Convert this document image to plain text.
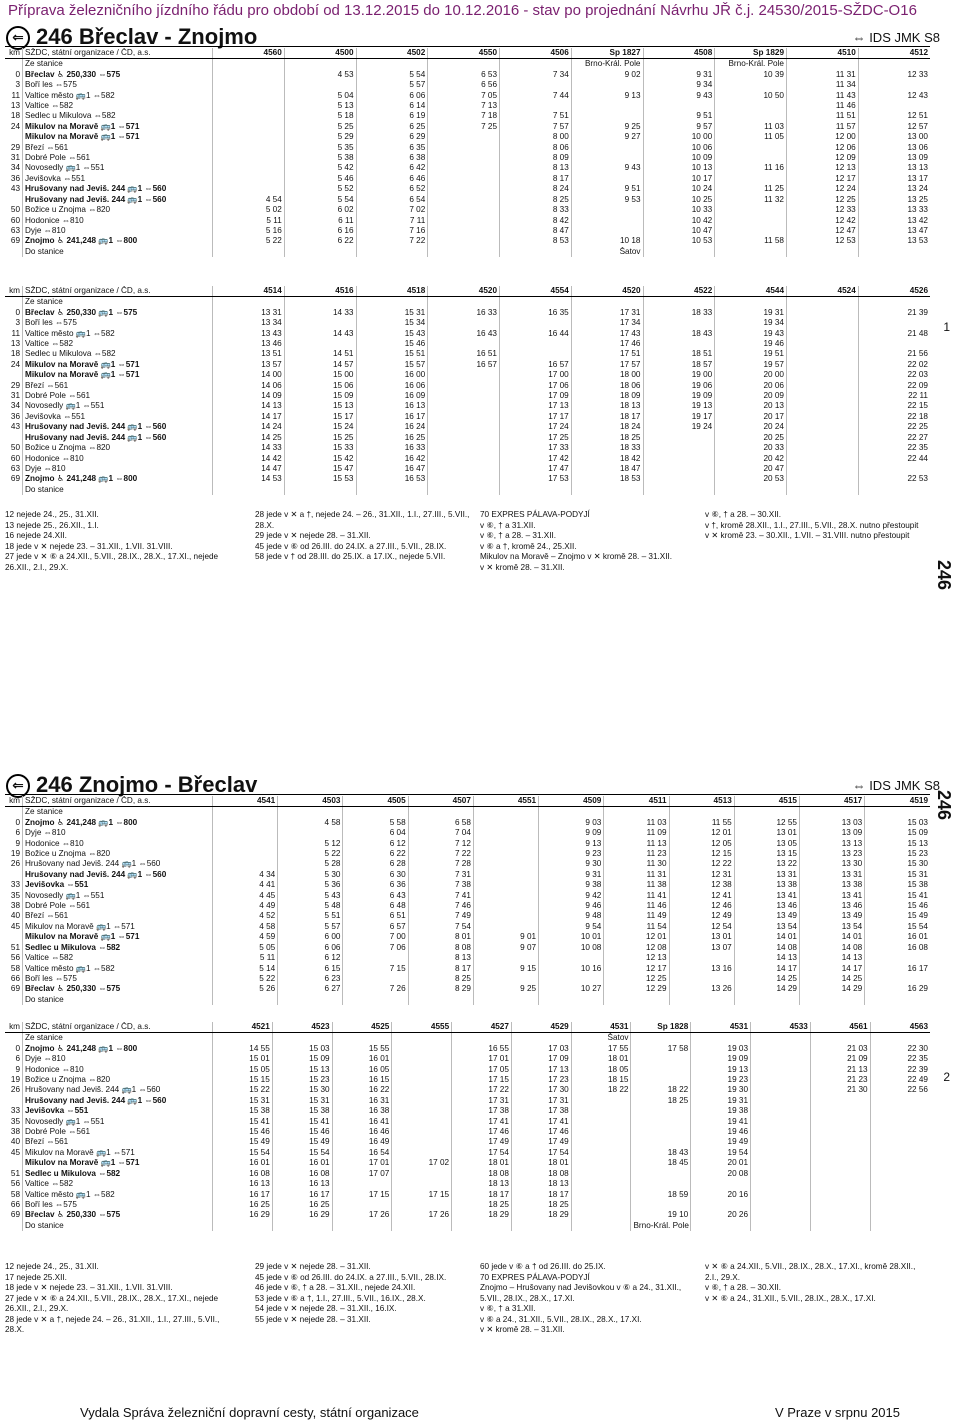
Příprava železničního jízdního řádu pro období od 13.12.2015 do 10.12.2016 - stav po projednání Návrhu JŘ č.j. 24530/2015-SŽDC-O16
⇐ 246 Břeclav - Znojmo	⇔ IDS JMK S8
km	SŽDC, státní organizace / ČD, a.s.	4560	4500	4502	4550	4506	Sp 1827	4508	Sp 1829	4510	4512
	Ze stanice						Brno-Král. Pole		Brno-Král. Pole		
0	Břeclav ♿ 250,330 ⇔575		4 53	5 54	6 53	7 34	9 02	9 31	10 39	11 31	12 33
3	Boří les ⇔575			5 57	6 56			9 34		11 34	
11	Valtice město 🚌1 ⇔582		5 04	6 06	7 05	7 44	9 13	9 43	10 50	11 43	12 43
13	Valtice ⇔582		5 13	6 14	7 13					11 46	
18	Sedlec u Mikulova ⇔582		5 18	6 19	7 18	7 51		9 51		11 51	12 51
24	Mikulov na Moravě 🚌1 ⇔571		5 25	6 25	7 25	7 57	9 25	9 57	11 03	11 57	12 57
	Mikulov na Moravě 🚌1 ⇔571		5 29	6 29		8 00	9 27	10 00	11 05	12 00	13 00
29	Březí ⇔561		5 35	6 35		8 06		10 06		12 06	13 06
31	Dobré Pole ⇔561		5 38	6 38		8 09		10 09		12 09	13 09
34	Novosedly 🚌1 ⇔551		5 42	6 42		8 13	9 43	10 13	11 16	12 13	13 13
36	Jevišovka ⇔551		5 46	6 46		8 17		10 17		12 17	13 17
43	Hrušovany nad Jeviš. 244 🚌1 ⇔560		5 52	6 52		8 24	9 51	10 24	11 25	12 24	13 24
	Hrušovany nad Jeviš. 244 🚌1 ⇔560	4 54	5 54	6 54		8 25	9 53	10 25	11 32	12 25	13 25
50	Božice u Znojma ⇔820	5 02	6 02	7 02		8 33		10 33		12 33	13 33
60	Hodonice ⇔810	5 11	6 11	7 11		8 42		10 42		12 42	13 42
63	Dyje ⇔810	5 16	6 16	7 16		8 47		10 47		12 47	13 47
69	Znojmo ♿ 241,248 🚌1 ⇔800	5 22	6 22	7 22		8 53	10 18	10 53	11 58	12 53	13 53
	Do stanice						Šatov				
km	SŽDC, státní organizace / ČD, a.s.	4514	4516	4518	4520	4554	4520	4522	4544	4524	4526
	Ze stanice										
0	Břeclav ♿ 250,330 🚌1 ⇔575	13 31	14 33	15 31	16 33	16 35	17 31	18 33	19 31		21 39
3	Boří les ⇔575	13 34		15 34			17 34		19 34		
11	Valtice město 🚌1 ⇔582	13 43	14 43	15 43	16 43	16 44	17 43	18 43	19 43		21 48
13	Valtice ⇔582	13 46		15 46			17 46		19 46		
18	Sedlec u Mikulova ⇔582	13 51	14 51	15 51	16 51		17 51	18 51	19 51		21 56
24	Mikulov na Moravě 🚌1 ⇔571	13 57	14 57	15 57	16 57	16 57	17 57	18 57	19 57		22 02
	Mikulov na Moravě 🚌1 ⇔571	14 00	15 00	16 00		17 00	18 00	19 00	20 00		22 03
29	Březí ⇔561	14 06	15 06	16 06		17 06	18 06	19 06	20 06		22 09
31	Dobré Pole ⇔561	14 09	15 09	16 09		17 09	18 09	19 09	20 09		22 11
34	Novosedly 🚌1 ⇔551	14 13	15 13	16 13		17 13	18 13	19 13	20 13		22 15
36	Jevišovka ⇔551	14 17	15 17	16 17		17 17	18 17	19 17	20 17		22 18
43	Hrušovany nad Jeviš. 244 🚌1 ⇔560	14 24	15 24	16 24		17 24	18 24	19 24	20 24		22 25
	Hrušovany nad Jeviš. 244 🚌1 ⇔560	14 25	15 25	16 25		17 25	18 25		20 25		22 27
50	Božice u Znojma ⇔820	14 33	15 33	16 33		17 33	18 33		20 33		22 35
60	Hodonice ⇔810	14 42	15 42	16 42		17 42	18 42		20 42		22 44
63	Dyje ⇔810	14 47	15 47	16 47		17 47	18 47		20 47		
69	Znojmo ♿ 241,248 🚌1 ⇔800	14 53	15 53	16 53		17 53	18 53		20 53		22 53
	Do stanice										
12 nejede 24., 25., 31.XII.
13 nejede 25., 26.XII., 1.I.
16 nejede 24.XII.
18 jede v ✕ nejede 23. – 31.XII., 1.VII. 31.VIII.
27 jede v ✕ ⑥ a 24.XII., 5.VII., 28.IX., 28.X., 17.XI., nejede 26.XII., 2.I., 29.X.
28 jede v ✕ a †, nejede 24. – 26., 31.XII., 1.I., 27.III., 5.VII., 28.X.
29 jede v ✕ nejede 28. – 31.XII.
45 jede v ⑥ od 26.III. do 24.IX. a 27.III., 5.VII., 28.IX.
58 jede v † od 28.III. do 25.IX. a 17.IX., nejede 5.VII.
70 EXPRES PÁLAVA-PODYJÍ
v ⑥, † a 31.XII.
v ⑥, † a 28. – 31.XII.
v ⑥ a †, kromě 24., 25.XII.
Mikulov na Moravě – Znojmo v ✕ kromě 28. – 31.XII.
v ✕ kromě 28. – 31.XII.
v ⑥, † a 28. – 30.XII.
v †, kromě 28.XII., 1.I., 27.III., 5.VII., 28.X. nutno přestoupit
v ✕ kromě 23. – 30.XII., 1.VII. – 31.VIII. nutno přestoupit
1
246
⇐ 246 Znojmo - Břeclav	⇔ IDS JMK S8
km	SŽDC, státní organizace / ČD, a.s.	4541	4503	4505	4507	4551	4509	4511	4513	4515	4517	4519
	Ze stanice											
0	Znojmo ♿ 241,248 🚌1 ⇔800		4 58	5 58	6 58		9 03	11 03	11 55	12 55	13 03	15 03
6	Dyje ⇔810			6 04	7 04		9 09	11 09	12 01	13 01	13 09	15 09
9	Hodonice ⇔810		5 12	6 12	7 12		9 13	11 13	12 05	13 05	13 13	15 13
19	Božice u Znojma ⇔820		5 22	6 22	7 22		9 23	11 23	12 15	13 15	13 23	15 23
26	Hrušovany nad Jeviš. 244 🚌1 ⇔560		5 28	6 28	7 28		9 30	11 30	12 22	13 22	13 30	15 30
	Hrušovany nad Jeviš. 244 🚌1 ⇔560	4 34	5 30	6 30	7 31		9 31	11 31	12 31	13 31	13 31	15 31
33	Jevišovka ⇔551	4 41	5 36	6 36	7 38		9 38	11 38	12 38	13 38	13 38	15 38
35	Novosedly 🚌1 ⇔551	4 45	5 43	6 43	7 41		9 42	11 41	12 41	13 41	13 41	15 41
38	Dobré Pole ⇔561	4 49	5 48	6 48	7 46		9 46	11 46	12 46	13 46	13 46	15 46
40	Březí ⇔561	4 52	5 51	6 51	7 49		9 48	11 49	12 49	13 49	13 49	15 49
45	Mikulov na Moravě 🚌1 ⇔571	4 58	5 57	6 57	7 54		9 54	11 54	12 54	13 54	13 54	15 54
	Mikulov na Moravě 🚌1 ⇔571	4 59	6 00	7 00	8 01	9 01	10 01	12 01	13 01	14 01	14 01	16 01
51	Sedlec u Mikulova ⇔582	5 05	6 06	7 06	8 08	9 07	10 08	12 08	13 07	14 08	14 08	16 08
56	Valtice ⇔582	5 11	6 12		8 13			12 13		14 13	14 13	
58	Valtice město 🚌1 ⇔582	5 14	6 15	7 15	8 17	9 15	10 16	12 17	13 16	14 17	14 17	16 17
66	Boří les ⇔575	5 22	6 23		8 25			12 25		14 25	14 25	
69	Břeclav ♿ 250,330 ⇔575	5 26	6 27	7 26	8 29	9 25	10 27	12 29	13 26	14 29	14 29	16 29
	Do stanice											
km	SŽDC, státní organizace / ČD, a.s.	4521	4523	4525	4555	4527	4529	4531	Sp 1828	4531	4533	4561	4563
	Ze stanice							Šatov					
0	Znojmo ♿ 241,248 🚌1 ⇔800	14 55	15 03	15 55		16 55	17 03	17 55	17 58	19 03		21 03	22 30
6	Dyje ⇔810	15 01	15 09	16 01		17 01	17 09	18 01		19 09		21 09	22 35
9	Hodonice ⇔810	15 05	15 13	16 05		17 05	17 13	18 05		19 13		21 13	22 39
19	Božice u Znojma ⇔820	15 15	15 23	16 15		17 15	17 23	18 15		19 23		21 23	22 49
26	Hrušovany nad Jeviš. 244 🚌1 ⇔560	15 22	15 30	16 22		17 22	17 30	18 22	18 22	19 30		21 30	22 56
	Hrušovany nad Jeviš. 244 🚌1 ⇔560	15 31	15 31	16 31		17 31	17 31		18 25	19 31			
33	Jevišovka ⇔551	15 38	15 38	16 38		17 38	17 38			19 38			
35	Novosedly 🚌1 ⇔551	15 41	15 41	16 41		17 41	17 41			19 41			
38	Dobré Pole ⇔561	15 46	15 46	16 46		17 46	17 46			19 46			
40	Březí ⇔561	15 49	15 49	16 49		17 49	17 49			19 49			
45	Mikulov na Moravě 🚌1 ⇔571	15 54	15 54	16 54		17 54	17 54		18 43	19 54			
	Mikulov na Moravě 🚌1 ⇔571	16 01	16 01	17 01	17 02	18 01	18 01		18 45	20 01			
51	Sedlec u Mikulova ⇔582	16 08	16 08	17 07		18 08	18 08			20 08			
56	Valtice ⇔582	16 13	16 13			18 13	18 13						
58	Valtice město 🚌1 ⇔582	16 17	16 17	17 15	17 15	18 17	18 17		18 59	20 16			
66	Boří les ⇔575	16 25	16 25			18 25	18 25						
69	Břeclav ♿ 250,330 ⇔575	16 29	16 29	17 26	17 26	18 29	18 29		19 10	20 26			
	Do stanice								Brno-Král. Pole				
12 nejede 24., 25., 31.XII.
17 nejede 25.XII.
18 jede v ✕ nejede 23. – 31.XII., 1.VII. 31.VIII.
27 jede v ✕ ⑥ a 24.XII., 5.VII., 28.IX., 28.X., 17.XI., nejede 26.XII., 2.I., 29.X.
28 jede v ✕ a †, nejede 24. – 26., 31.XII., 1.I., 27.III., 5.VII., 28.X.
29 jede v ✕ nejede 28. – 31.XII.
45 jede v ⑥ od 26.III. do 24.IX. a 27.III., 5.VII., 28.IX.
46 jede v ⑥, † a 28. – 31.XII., nejede 24.XII.
53 jede v ⑥ a †, 1.I., 27.III., 5.VII., 16.IX., 28.X.
54 jede v ✕ nejede 28. – 31.XII., 16.IX.
55 jede v ✕ nejede 28. – 31.XII.
60 jede v ⑥ a † od 26.III. do 25.IX.
70 EXPRES PÁLAVA-PODYJÍ
Znojmo – Hrušovany nad Jevišovkou v ⑥ a 24., 31.XII., 5.VII., 28.IX., 28.X., 17.XI.
v ⑥, † a 31.XII.
v ⑥ a 24., 31.XII., 5.VII., 28.IX., 28.X., 17.XI.
v ✕ kromě 28. – 31.XII.
v ✕ ⑥ a 24.XII., 5.VII., 28.IX., 28.X., 17.XI., kromě 28.XII., 2.I., 29.X.
v ⑥, † a 28. – 30.XII.
v ✕ ⑥ a 24., 31.XII., 5.VII., 28.IX., 28.X., 17.XI.
2
246
Vydala Správa železniční dopravní cesty, státní organizace	V Praze v srpnu 2015
